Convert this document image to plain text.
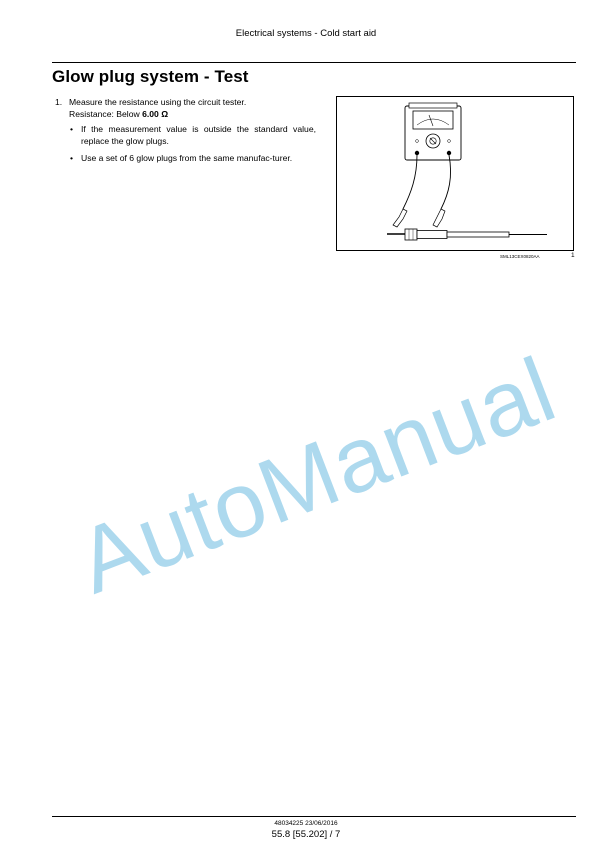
Electrical systems - Cold start aid
Glow plug system - Test
1. Measure the resistance using the circuit tester.
Resistance: Below 6.00 Ω
• If the measurement value is outside the standard value, replace the glow plugs.
• Use a set of 6 glow plugs from the same manufac-turer.
SML13CEX0820AA	1
AutoManual
48034225 23/06/2016
55.8 [55.202] / 7
